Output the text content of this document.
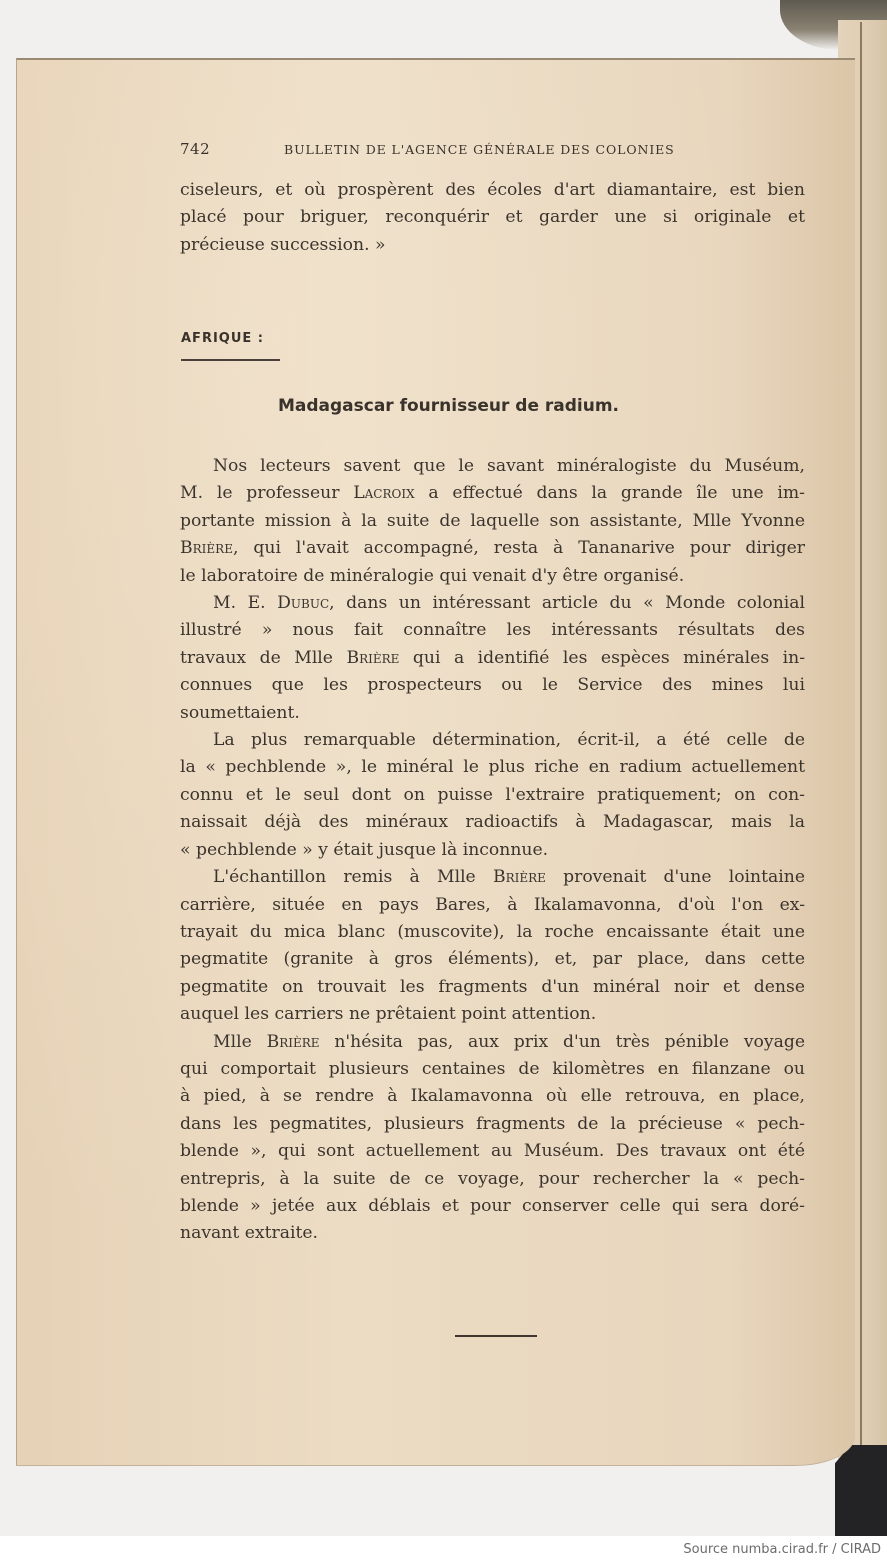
742	BULLETIN DE L'AGENCE GÉNÉRALE DES COLONIES
ciseleurs, et où prospèrent des écoles d'art diamantaire, est bien
placé pour briguer, reconquérir et garder une si originale et
précieuse succession. »
AFRIQUE :
Madagascar fournisseur de radium.
Nos lecteurs savent que le savant minéralogiste du Muséum,
M. le professeur Lacroix a effectué dans la grande île une im-
portante mission à la suite de laquelle son assistante, Mlle Yvonne
Brière, qui l'avait accompagné, resta à Tananarive pour diriger
le laboratoire de minéralogie qui venait d'y être organisé.
M. E. Dubuc, dans un intéressant article du « Monde colonial
illustré » nous fait connaître les intéressants résultats des
travaux de Mlle Brière qui a identifié les espèces minérales in-
connues que les prospecteurs ou le Service des mines lui
soumettaient.
La plus remarquable détermination, écrit-il, a été celle de
la « pechblende », le minéral le plus riche en radium actuellement
connu et le seul dont on puisse l'extraire pratiquement; on con-
naissait déjà des minéraux radioactifs à Madagascar, mais la
« pechblende » y était jusque là inconnue.
L'échantillon remis à Mlle Brière provenait d'une lointaine
carrière, située en pays Bares, à Ikalamavonna, d'où l'on ex-
trayait du mica blanc (muscovite), la roche encaissante était une
pegmatite (granite à gros éléments), et, par place, dans cette
pegmatite on trouvait les fragments d'un minéral noir et dense
auquel les carriers ne prêtaient point attention.
Mlle Brière n'hésita pas, aux prix d'un très pénible voyage
qui comportait plusieurs centaines de kilomètres en filanzane ou
à pied, à se rendre à Ikalamavonna où elle retrouva, en place,
dans les pegmatites, plusieurs fragments de la précieuse « pech-
blende », qui sont actuellement au Muséum. Des travaux ont été
entrepris, à la suite de ce voyage, pour rechercher la « pech-
blende » jetée aux déblais et pour conserver celle qui sera doré-
navant extraite.
Source numba.cirad.fr / CIRAD
